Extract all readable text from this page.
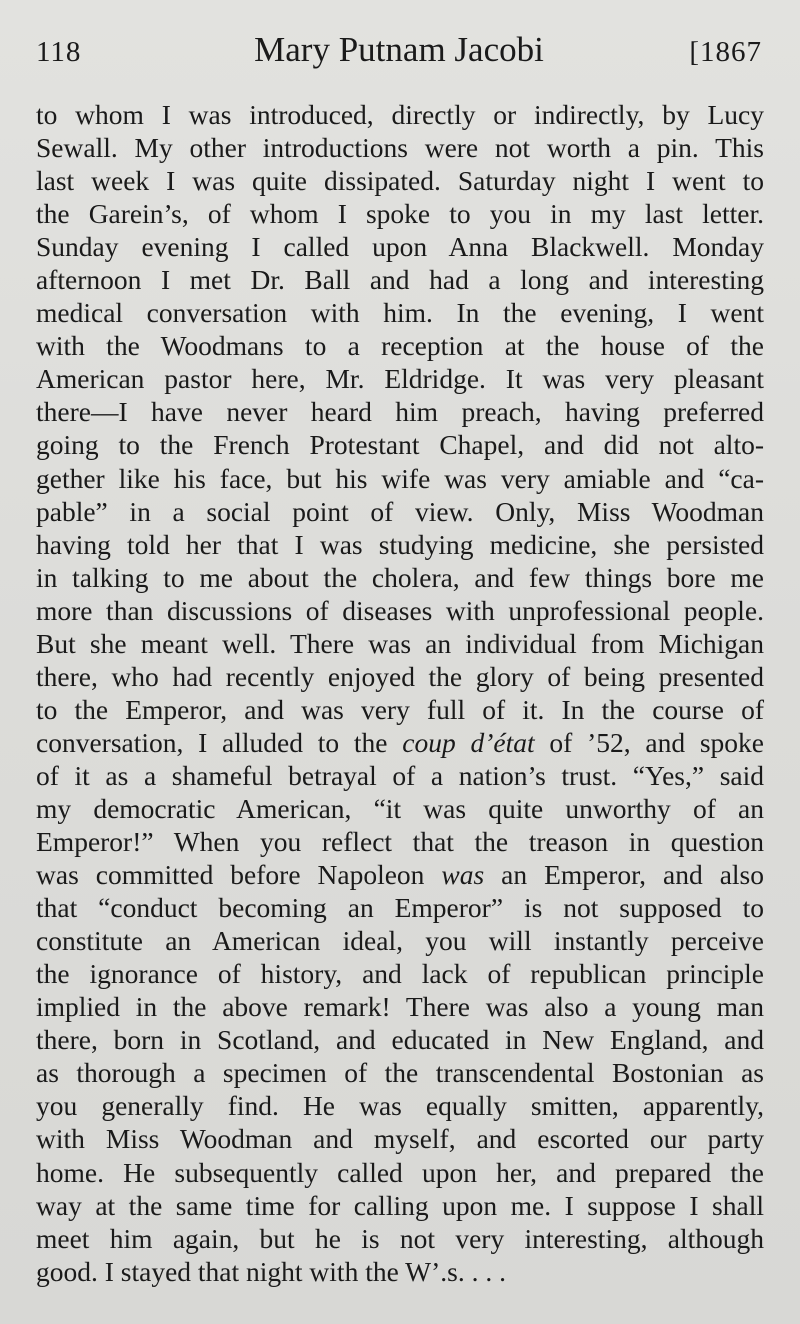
118	Mary Putnam Jacobi	[1867
to whom I was introduced, directly or indirectly, by Lucy
Sewall. My other introductions were not worth a pin. This
last week I was quite dissipated. Saturday night I went to
the Garein’s, of whom I spoke to you in my last letter.
Sunday evening I called upon Anna Blackwell. Monday
afternoon I met Dr. Ball and had a long and interesting
medical conversation with him. In the evening, I went
with the Woodmans to a reception at the house of the
American pastor here, Mr. Eldridge. It was very pleasant
there—I have never heard him preach, having preferred
going to the French Protestant Chapel, and did not alto-
gether like his face, but his wife was very amiable and “ca-
pable” in a social point of view. Only, Miss Woodman
having told her that I was studying medicine, she persisted
in talking to me about the cholera, and few things bore me
more than discussions of diseases with unprofessional people.
But she meant well. There was an individual from Michigan
there, who had recently enjoyed the glory of being presented
to the Emperor, and was very full of it. In the course of
conversation, I alluded to the coup d’état of ’52, and spoke
of it as a shameful betrayal of a nation’s trust. “Yes,” said
my democratic American, “it was quite unworthy of an
Emperor!” When you reflect that the treason in question
was committed before Napoleon was an Emperor, and also
that “conduct becoming an Emperor” is not supposed to
constitute an American ideal, you will instantly perceive
the ignorance of history, and lack of republican principle
implied in the above remark! There was also a young man
there, born in Scotland, and educated in New England, and
as thorough a specimen of the transcendental Bostonian as
you generally find. He was equally smitten, apparently,
with Miss Woodman and myself, and escorted our party
home. He subsequently called upon her, and prepared the
way at the same time for calling upon me. I suppose I shall
meet him again, but he is not very interesting, although
good. I stayed that night with the W’.s. . . .
